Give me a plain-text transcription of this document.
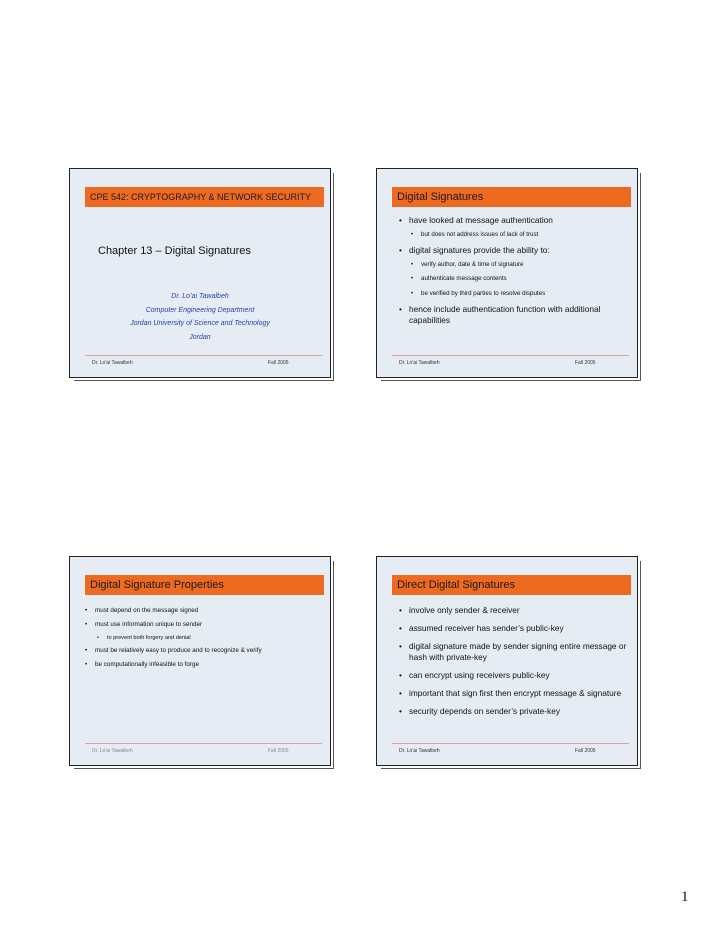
CPE 542: CRYPTOGRAPHY & NETWORK SECURITY
Chapter 13 – Digital Signatures
Dr. Lo’ai Tawalbeh
Computer Engineering Department
Jordan University of Science and Technology
Jordan
Dr. Lo'ai Tawalbeh	Fall 2005
Digital Signatures
• have looked at message authentication
• but does not address issues of lack of trust
• digital signatures provide the ability to:
• verify author, date & time of signature
• authenticate message contents
• be verified by third parties to resolve disputes
• hence include authentication function with additional capabilities
Dr. Lo'ai Tawalbeh	Fall 2005
Digital Signature Properties
• must depend on the message signed
• must use information unique to sender
• to prevent both forgery and denial
• must be relatively easy to produce and to recognize & verify
• be computationally infeasible to forge
Dr. Lo'ai Tawalbeh	Fall 2005
Direct Digital Signatures
• involve only sender & receiver
• assumed receiver has sender’s public-key
• digital signature made by sender signing entire message or hash with private-key
• can encrypt using receivers public-key
• important that sign first then encrypt message & signature
• security depends on sender’s private-key
Dr. Lo'ai Tawalbeh	Fall 2005
1
